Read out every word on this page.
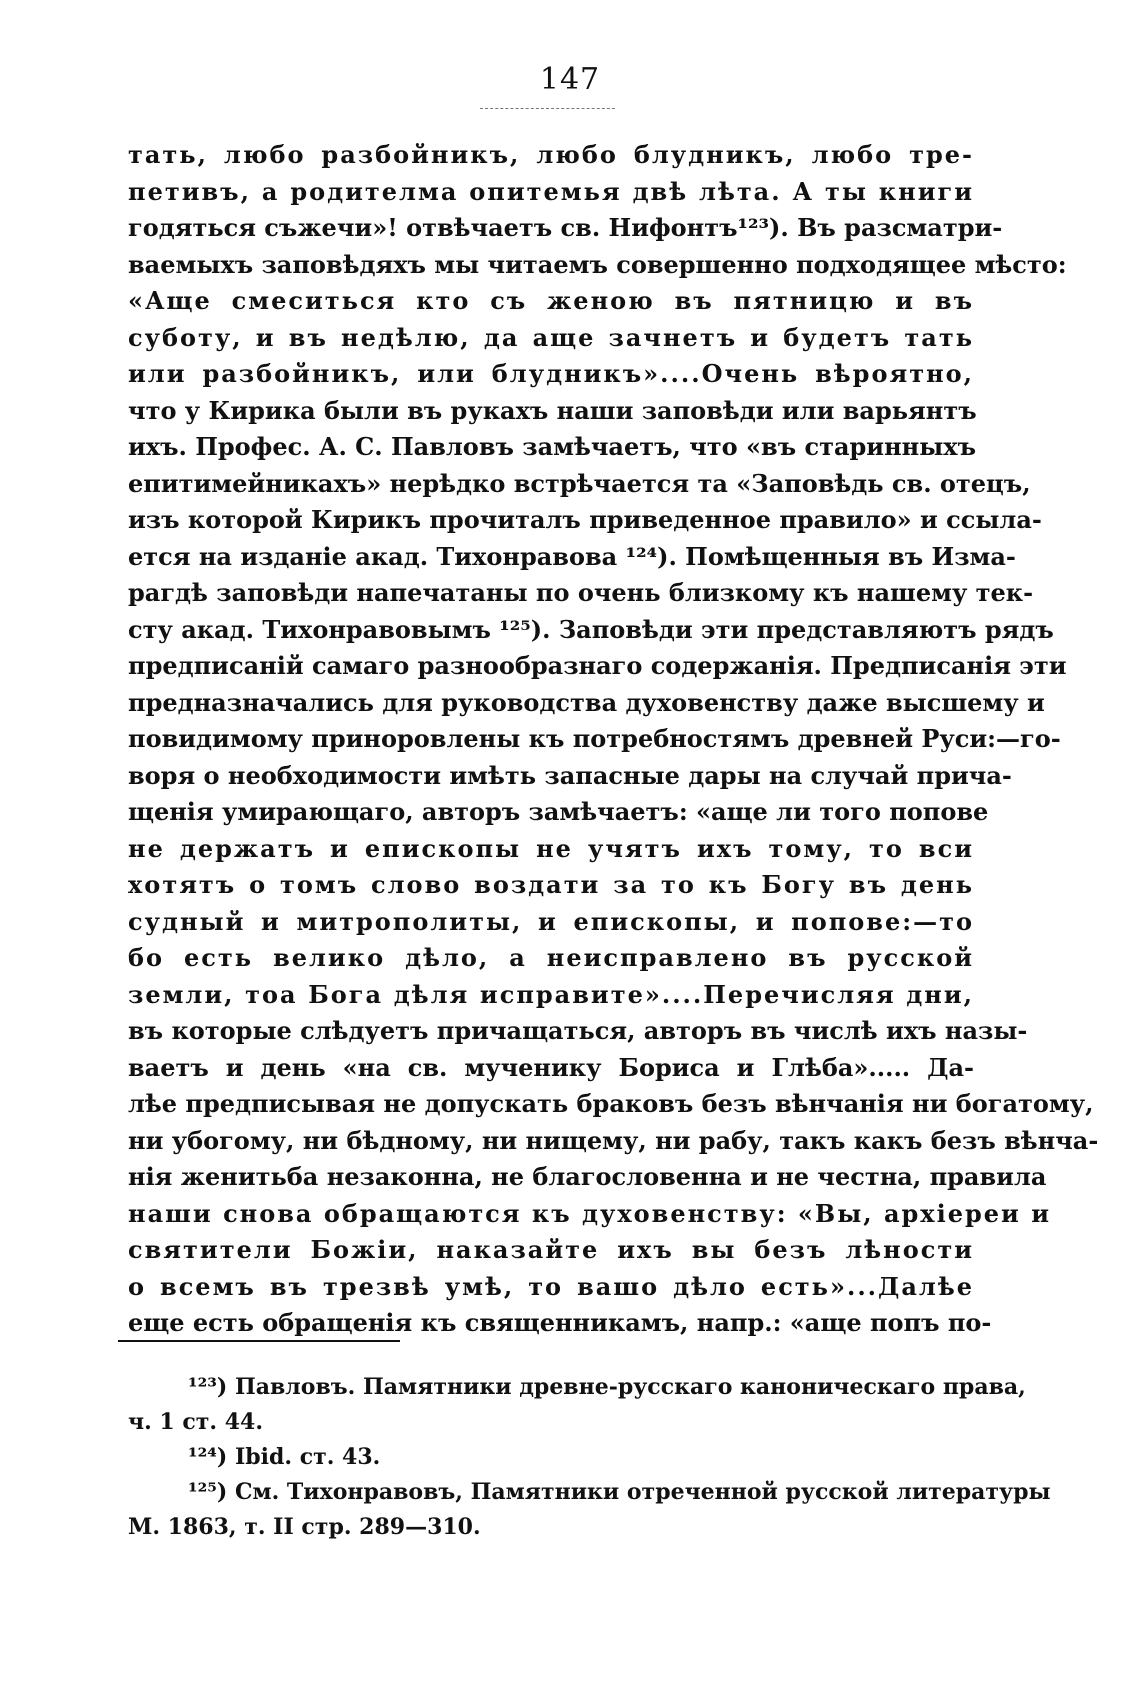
147
тать, любо разбойникъ, любо блудникъ, любо тре-
петивъ, а родителма опитемья двѣ лѣта. А ты книги
годяться съжечи»! отвѣчаетъ св. Нифонтъ¹²³). Въ разсматри-
ваемыхъ заповѣдяхъ мы читаемъ совершенно подходящее мѣсто:
«Аще смеситься кто съ женою въ пятницю и въ
суботу, и въ недѣлю, да аще зачнетъ и будетъ тать
или разбойникъ, или блудникъ»....Очень вѣроятно,
что у Кирика были въ рукахъ наши заповѣди или варьянтъ
ихъ. Профес. А. С. Павловъ замѣчаетъ, что «въ старинныхъ
епитимейникахъ» нерѣдко встрѣчается та «Заповѣдь св. отецъ,
изъ которой Кирикъ прочиталъ приведенное правило» и ссыла-
ется на изданіе акад. Тихонравова ¹²⁴). Помѣщенныя въ Изма-
рагдѣ заповѣди напечатаны по очень близкому къ нашему тек-
сту акад. Тихонравовымъ ¹²⁵). Заповѣди эти представляютъ рядъ
предписаній самаго разнообразнаго содержанія. Предписанія эти
предназначались для руководства духовенству даже высшему и
повидимому приноровлены къ потребностямъ древней Руси:—го-
воря о необходимости имѣть запасные дары на случай прича-
щенія умирающаго, авторъ замѣчаетъ: «аще ли того попове
не держатъ и епископы не учятъ ихъ тому, то вси
хотятъ о томъ слово воздати за то къ Богу въ день
судный и митрополиты, и епископы, и попове:—то
бо есть велико дѣло, а неисправлено въ русской
земли, тоа Бога дѣля исправите»....Перечисляя дни,
въ которые слѣдуетъ причащаться, авторъ въ числѣ ихъ назы-
ваетъ и день «на св. мученику Бориса и Глѣба»..... Да-
лѣе предписывая не допускать браковъ безъ вѣнчанія ни богатому,
ни убогому, ни бѣдному, ни нищему, ни рабу, такъ какъ безъ вѣнча-
нія женитьба незаконна, не благословенна и не честна, правила
наши снова обращаются къ духовенству: «Вы, архіереи и
святители Божіи, наказайте ихъ вы безъ лѣности
о всемъ въ трезвѣ умѣ, то вашо дѣло есть»...Далѣе
еще есть обращенія къ священникамъ, напр.: «аще попъ по-
¹²³) Павловъ. Памятники древне-русскаго каноническаго права,
ч. 1 ст. 44.
¹²⁴) Ibid. ст. 43.
¹²⁵) См. Тихонравовъ, Памятники отреченной русской литературы
М. 1863, т. II стр. 289—310.
